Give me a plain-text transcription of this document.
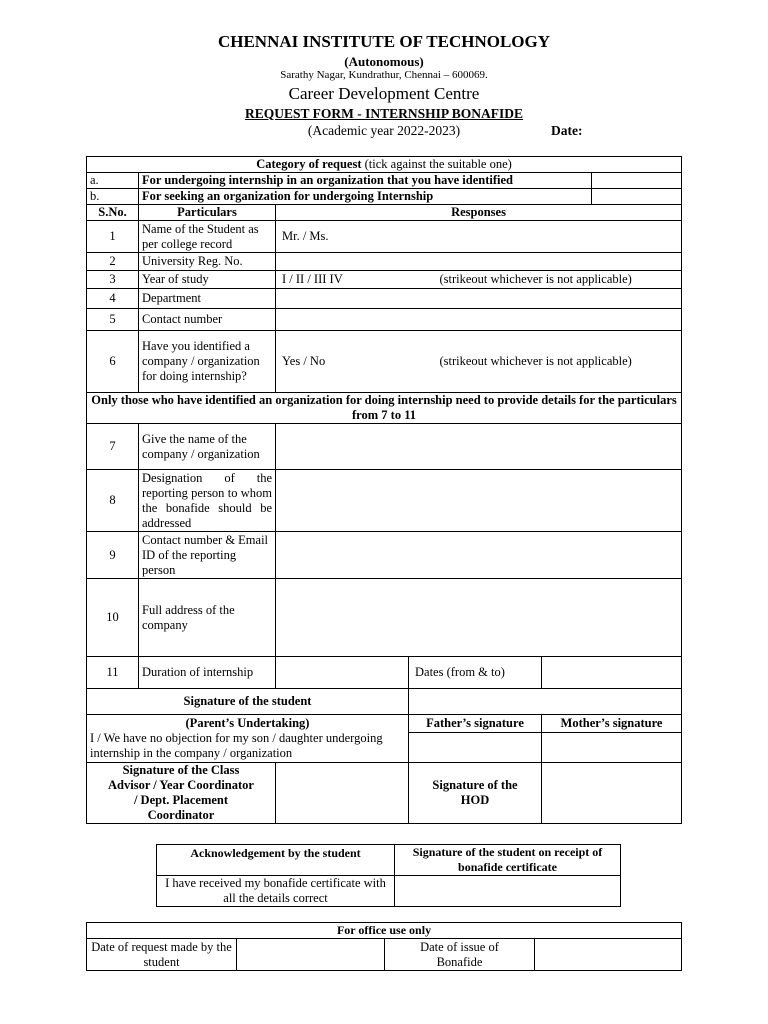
CHENNAI INSTITUTE OF TECHNOLOGY
(Autonomous)
Sarathy Nagar, Kundrathur, Chennai – 600069.
Career Development Centre
REQUEST FORM - INTERNSHIP BONAFIDE
(Academic year 2022-2023)	Date:
Category of request (tick against the suitable one)					
a.	For undergoing internship in an organization that you have identified				
b.	For seeking an organization for undergoing Internship				
S.No.	Particulars	Responses			
1	Name of the Student as per college record	Mr. / Ms.			
2	University Reg. No.				
3	Year of study	I / II / III IV (strikeout whichever is not applicable)			

4	Department				
5	Contact number				
6	Have you identified a company / organization for doing internship?	Yes / No (strikeout whichever is not applicable)			

Only those who have identified an organization for doing internship need to provide details for the particulars from 7 to 11					
7	Give the name of the company / organization				
8	Designation of the reporting person to whom the bonafide should be addressed				
9	Contact number & Email ID of the reporting person				
10	Full address of the company				
11	Duration of internship		Dates (from & to)		
Signature of the student					

(Parent’s Undertaking)
I / We have no objection for my son / daughter undergoing internship in the company / organization			Father’s signature	Mother’s signature	

Signature of the Class Advisor / Year Coordinator / Dept. Placement Coordinator			Signature of the HOD		
Acknowledgement by the student	Signature of the student on receipt of bonafide certificate
I have received my bonafide certificate with all the details correct	
For office use only
Date of request made by the student		Date of issue of Bonafide	
